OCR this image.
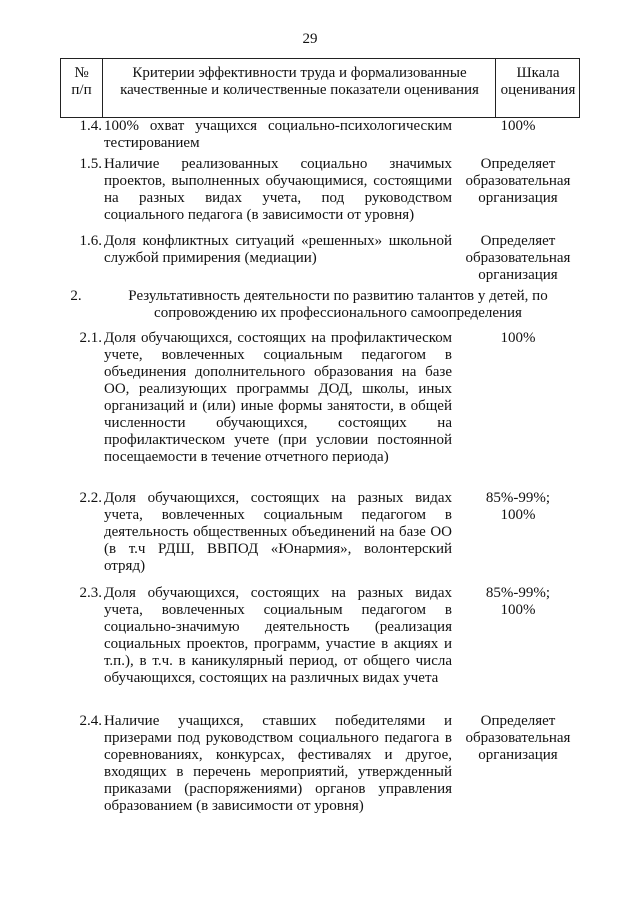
29
№
п/п
Критерии эффективности труда и формализованные качественные и количественные показатели оценивания
Шкала оценивания
1.4. 100% охват учащихся социально-психологическим тестированием
100%
1.5. Наличие реализованных социально значимых проектов, выполненных обучающимися, состоящими на разных видах учета, под руководством социального педагога (в зависимости от уровня)
Определяет образовательная организация
1.6. Доля конфликтных ситуаций «решенных» школьной службой примирения (медиации)
Определяет образовательная организация
2.	Результативность деятельности по развитию талантов у детей, по сопровождению их профессионального самоопределения
2.1. Доля обучающихся, состоящих на профилактическом учете, вовлеченных социальным педагогом в объединения дополнительного образования на базе ОО, реализующих программы ДОД, школы, иных организаций и (или) иные формы занятости, в общей численности обучающихся, состоящих на профилактическом учете (при условии постоянной посещаемости в течение отчетного периода)
100%
2.2. Доля обучающихся, состоящих на разных видах учета, вовлеченных социальным педагогом в деятельность общественных объединений на базе ОО (в т.ч РДШ, ВВПОД «Юнармия», волонтерский отряд)
85%-99%;
100%
2.3. Доля обучающихся, состоящих на разных видах учета, вовлеченных социальным педагогом в социально-значимую деятельность (реализация социальных проектов, программ, участие в акциях и т.п.), в т.ч. в каникулярный период, от общего числа обучающихся, состоящих на различных видах учета
85%-99%;
100%
2.4. Наличие учащихся, ставших победителями и призерами под руководством социального педагога в соревнованиях, конкурсах, фестивалях и другое, входящих в перечень мероприятий, утвержденный приказами (распоряжениями) органов управления образованием (в зависимости от уровня)
Определяет образовательная организация
